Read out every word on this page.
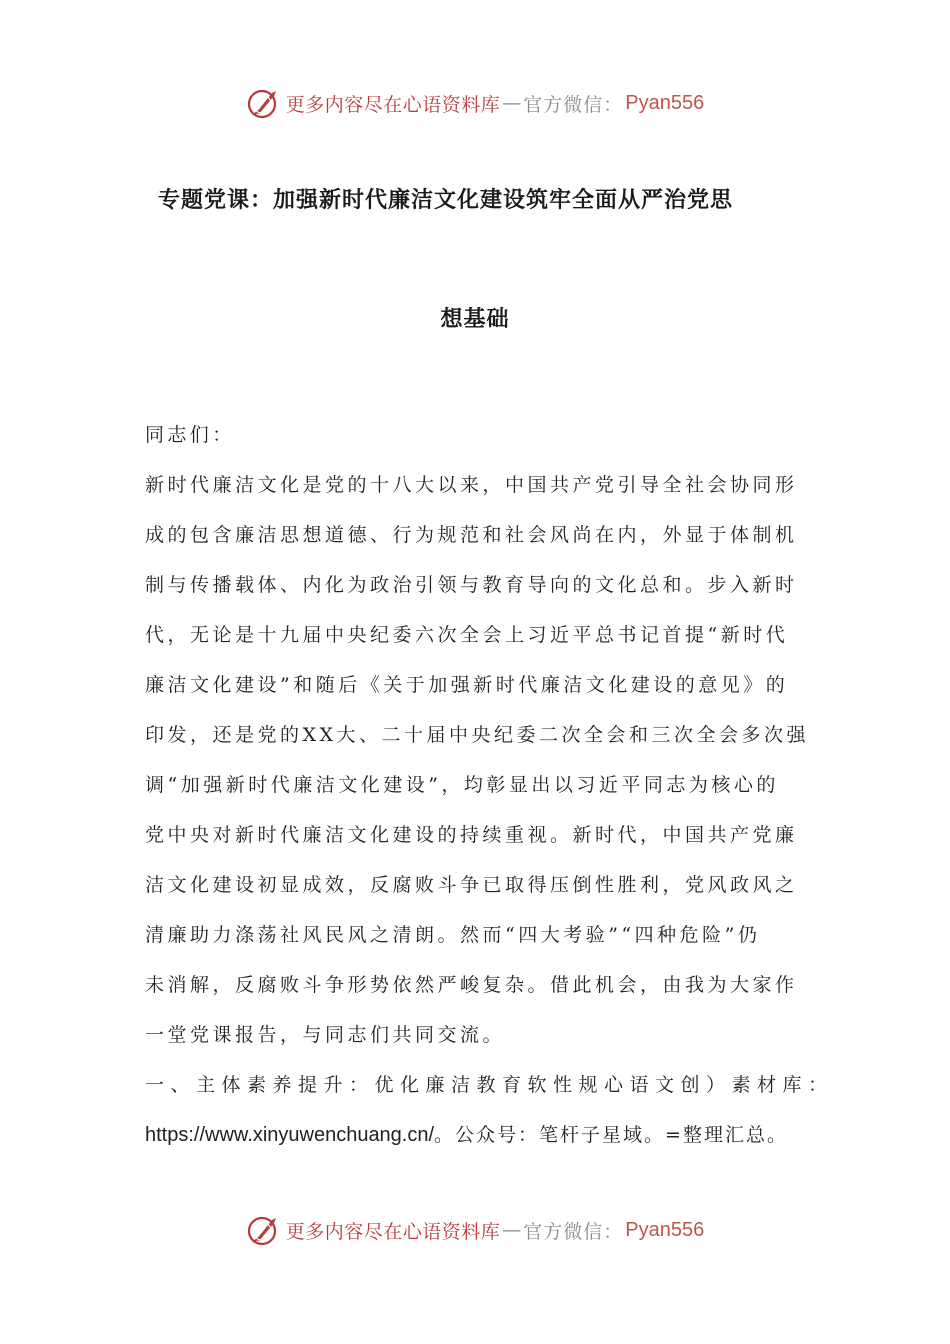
更多内容尽在心语资料库 — 官方微信： Pyan556
专题党课：加强新时代廉洁文化建设筑牢全面从严治党思
想基础
同志们：
新时代廉洁文化是党的十八大以来，中国共产党引导全社会协同形
成的包含廉洁思想道德、行为规范和社会风尚在内，外显于体制机
制与传播载体、内化为政治引领与教育导向的文化总和。步入新时
代，无论是十九届中央纪委六次全会上习近平总书记首提“新时代
廉洁文化建设”和随后《关于加强新时代廉洁文化建设的意见》的
印发，还是党的XX大、二十届中央纪委二次全会和三次全会多次强
调“加强新时代廉洁文化建设”，均彰显出以习近平同志为核心的
党中央对新时代廉洁文化建设的持续重视。新时代，中国共产党廉
洁文化建设初显成效，反腐败斗争已取得压倒性胜利，党风政风之
清廉助力涤荡社风民风之清朗。然而“四大考验”“四种危险”仍
未消解，反腐败斗争形势依然严峻复杂。借此机会，由我为大家作
一堂党课报告，与同志们共同交流。
一、主体素养提升：优化廉洁教育软性规心语文创）素材库：
https://www.xinyuwenchuang.cn/。公众号：笔杆子星域。=整理汇总。
更多内容尽在心语资料库 — 官方微信： Pyan556
